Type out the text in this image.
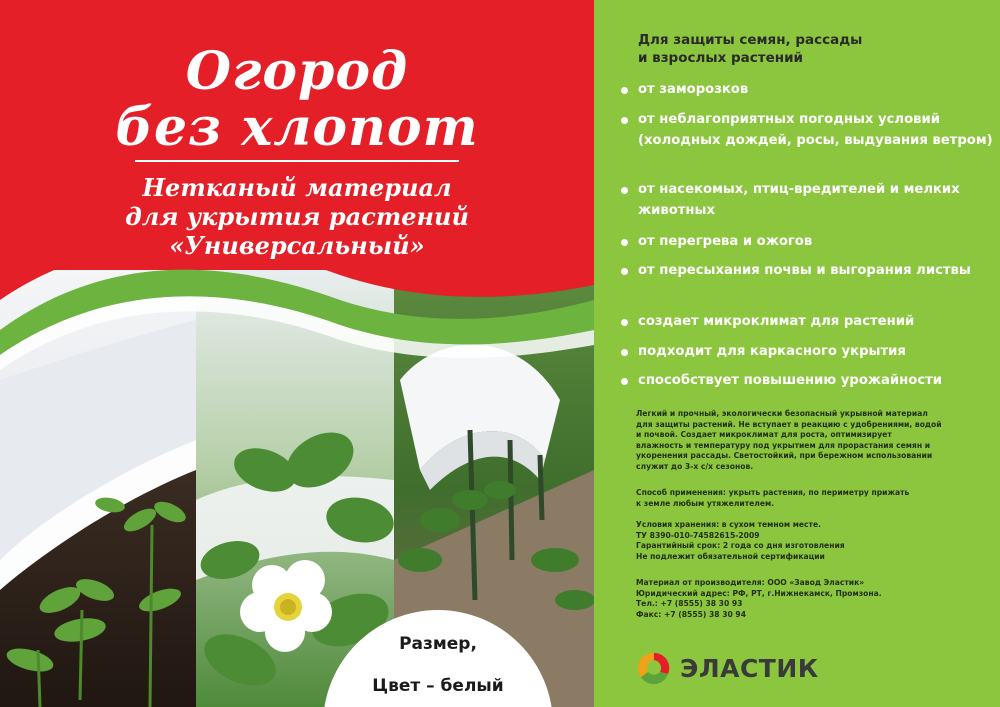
Огород
без хлопот
Нетканый материал
для укрытия растений
«Универсальный»
Размер,
Цвет – белый
Для защиты семян, рассады
и взрослых растений
от заморозков
от неблагоприятных погодных условий (холодных дождей, росы, выдувания ветром)
от насекомых, птиц-вредителей и мелких животных
от перегрева и ожогов
от пересыхания почвы и выгорания листвы
создает микроклимат для растений
подходит для каркасного укрытия
способствует повышению урожайности
Легкий и прочный, экологически безопасный укрывной материал
для защиты растений. Не вступает в реакцию с удобрениями, водой
и почвой. Создает микроклимат для роста, оптимизирует
влажность и температуру под укрытием для прорастания семян и
укоренения рассады. Светостойкий, при бережном использовании
служит до 3-х с/х сезонов.
Способ применения: укрыть растения, по периметру прижать
к земле любым утяжелителем.
Условия хранения: в сухом темном месте.
ТУ 8390-010-74582615-2009
Гарантийный срок: 2 года со дня изготовления
Не подлежит обязательной сертификации
Материал от производителя: ООО «Завод Эластик»
Юридический адрес: РФ, РТ, г.Нижнекамск, Промзона.
Тел.: +7 (8555) 38 30 93
Факс: +7 (8555) 38 30 94
ЭЛАСТИК
